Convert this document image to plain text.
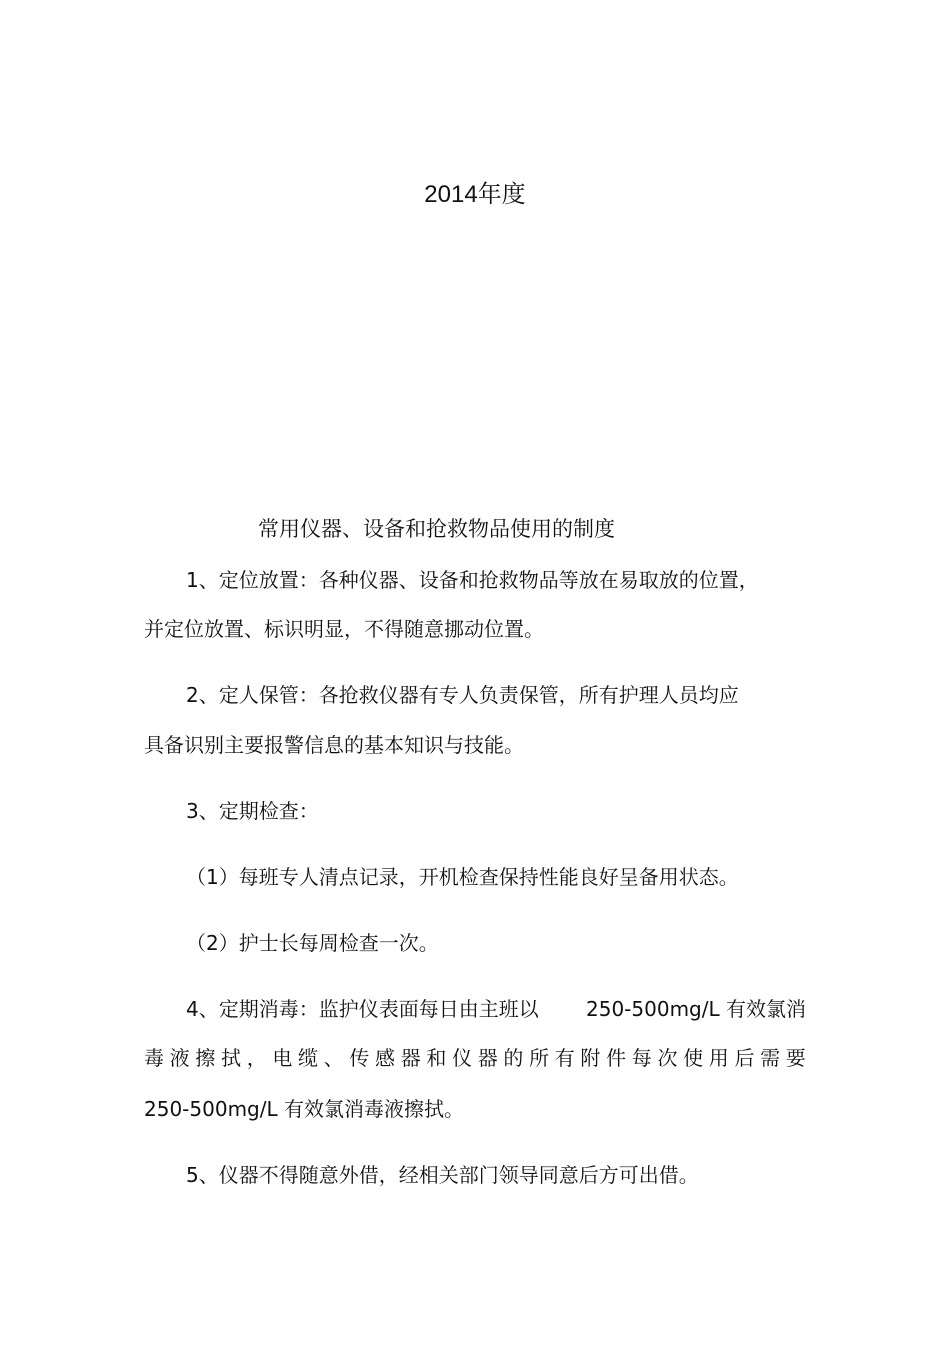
2014年度
常用仪器、设备和抢救物品使用的制度
1、定位放置：各种仪器、设备和抢救物品等放在易取放的位置，
并定位放置、标识明显，不得随意挪动位置。
2、定人保管：各抢救仪器有专人负责保管，所有护理人员均应
具备识别主要报警信息的基本知识与技能。
3、定期检查：
（1）每班专人清点记录，开机检查保持性能良好呈备用状态。
（2）护士长每周检查一次。
4、定期消毒：监护仪表面每日由主班以 250-500mg/L 有效氯消
毒 液 擦 拭 ， 电 缆 、 传 感 器 和 仪 器 的 所 有 附 件 每 次 使 用 后 需 要
250-500mg/L 有效氯消毒液擦拭。
5、仪器不得随意外借，经相关部门领导同意后方可出借。
